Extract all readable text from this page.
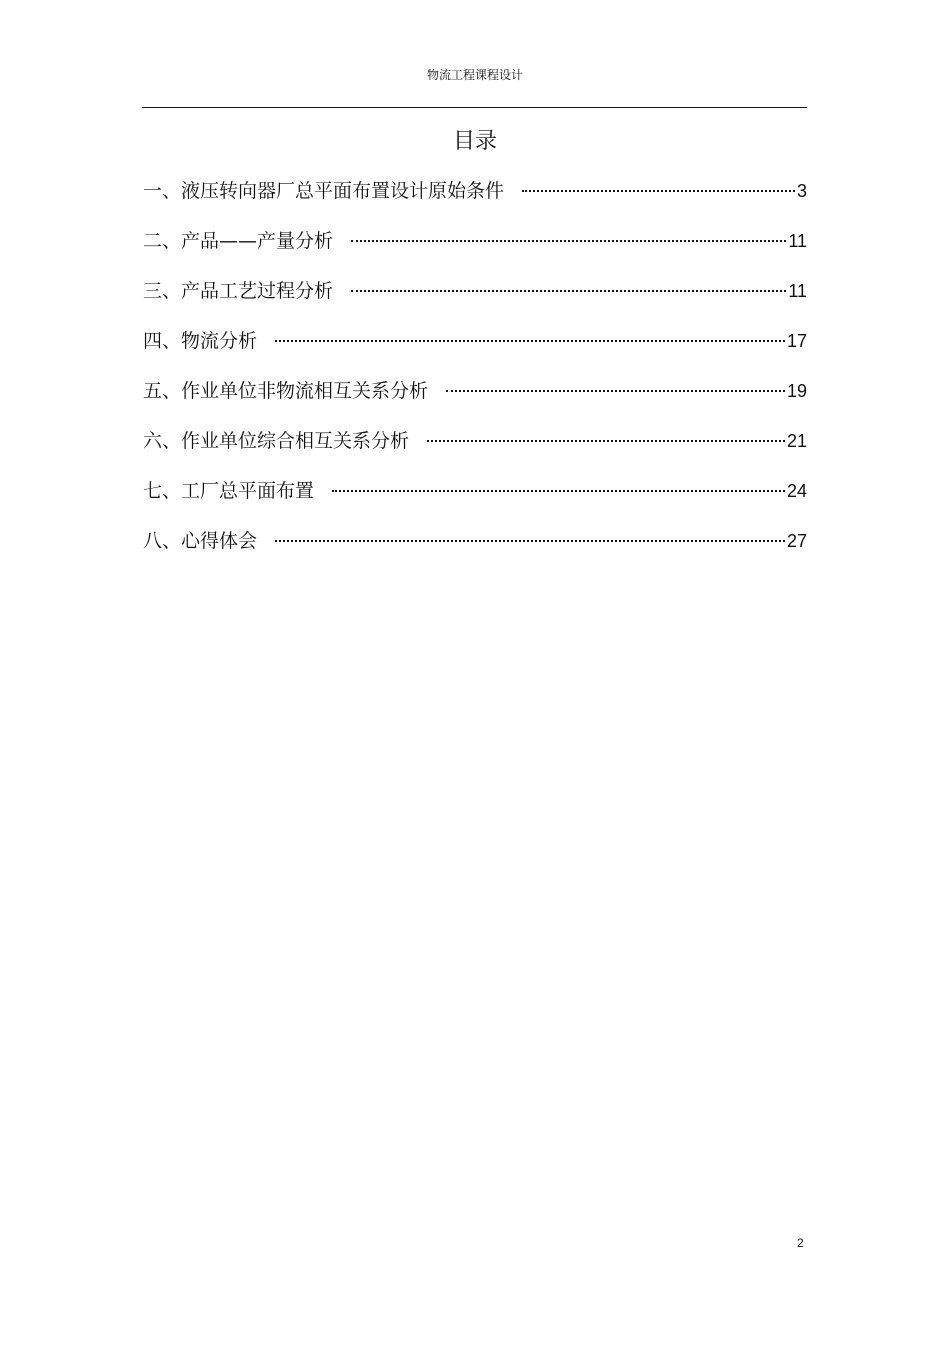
物流工程课程设计
目录
一、液压转向器厂总平面布置设计原始条件	3
二、产品——产量分析	11
三、产品工艺过程分析	11
四、物流分析	17
五、作业单位非物流相互关系分析	19
六、作业单位综合相互关系分析	21
七、工厂总平面布置	24
八、心得体会	27
2
